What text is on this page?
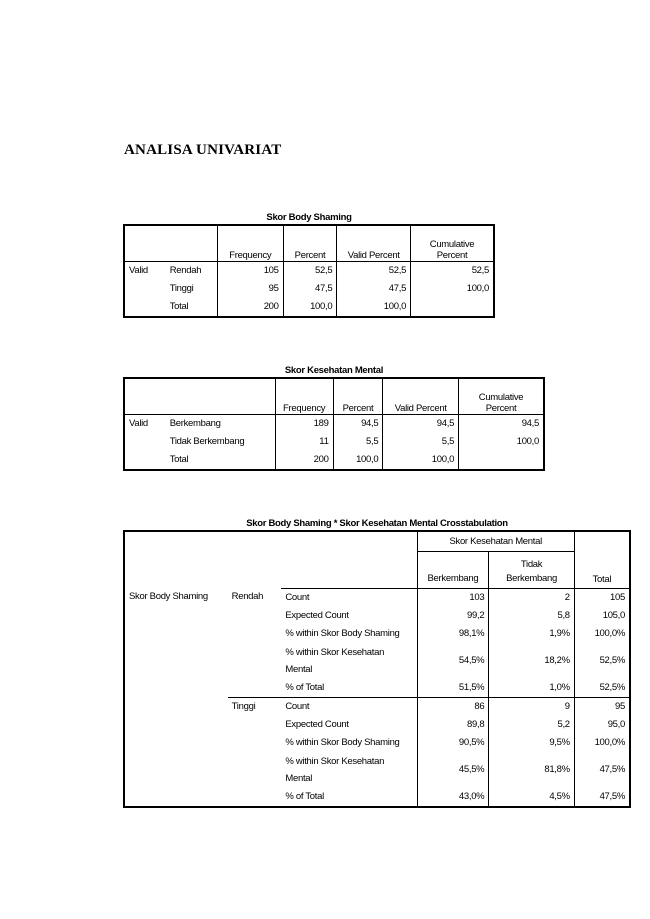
ANALISA UNIVARIAT
Skor Body Shaming
		Frequency	Percent	Valid Percent	Cumulative
Percent
Valid	Rendah	105	52,5	52,5	52,5
	Tinggi	95	47,5	47,5	100,0
	Total	200	100,0	100,0	
Skor Kesehatan Mental
		Frequency	Percent	Valid Percent	Cumulative
Percent
Valid	Berkembang	189	94,5	94,5	94,5
	Tidak Berkembang	11	5,5	5,5	100,0
	Total	200	100,0	100,0	
Skor Body Shaming * Skor Kesehatan Mental Crosstabulation
			Skor Kesehatan Mental		Total
				Tidak	
			Berkembang	Berkembang	
Skor Body Shaming	Rendah	Count	103	2	105
		Expected Count	99,2	5,8	105,0
		% within Skor Body Shaming	98,1%	1,9%	100,0%
		% within Skor Kesehatan Mental	54,5%	18,2%	52,5%
		% of Total	51,5%	1,0%	52,5%
	Tinggi	Count	86	9	95
		Expected Count	89,8	5,2	95,0
		% within Skor Body Shaming	90,5%	9,5%	100,0%
		% within Skor Kesehatan Mental	45,5%	81,8%	47,5%
		% of Total	43,0%	4,5%	47,5%
